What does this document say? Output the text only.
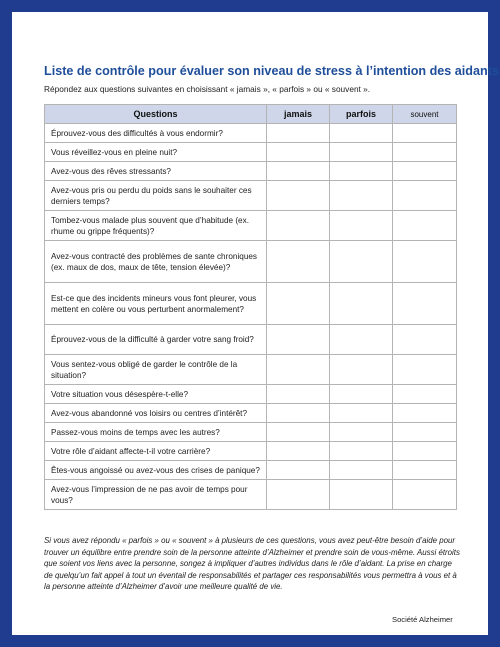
Liste de contrôle pour évaluer son niveau de stress à l’intention des aidants

Répondez aux questions suivantes en choisissant « jamais », « parfois » ou « souvent ».

Questions	jamais	parfois	souvent
Éprouvez-vous des difficultés à vous endormir?			
Vous réveillez-vous en pleine nuit?			
Avez-vous des rêves stressants?			
Avez-vous pris ou perdu du poids sans le souhaiter ces derniers temps?			
Tombez-vous malade plus souvent que d’habitude (ex. rhume ou grippe fréquents)?			
Avez-vous contracté des problèmes de sante chroniques (ex. maux de dos, maux de tête, tension élevée)?			
Est-ce que des incidents mineurs vous font pleurer, vous mettent en colère ou vous perturbent anormalement?			
Éprouvez-vous de la difficulté à garder votre sang froid?			
Vous sentez-vous obligé de garder le contrôle de la situation?			
Votre situation vous désespère-t-elle?			
Avez-vous abandonné vos loisirs ou centres d’intérêt?			
Passez-vous moins de temps avec les autres?			
Votre rôle d’aidant affecte-t-il votre carrière?			
Êtes-vous angoissé ou avez-vous des crises de panique?			
Avez-vous l’impression de ne pas avoir de temps pour vous?			

Si vous avez répondu « parfois » ou « souvent » à plusieurs de ces questions, vous avez peut-être besoin d’aide pour trouver un équilibre entre prendre soin de la personne atteinte d’Alzheimer et prendre soin de vous-même. Aussi étroits que soient vos liens avec la personne, songez à impliquer d’autres individus dans le rôle d’aidant. La prise en charge de quelqu’un fait appel à tout un éventail de responsabilités et partager ces responsabilités vous permettra à vous et à la personne atteinte d’Alzheimer d’avoir une meilleure qualité de vie.

Société Alzheimer
